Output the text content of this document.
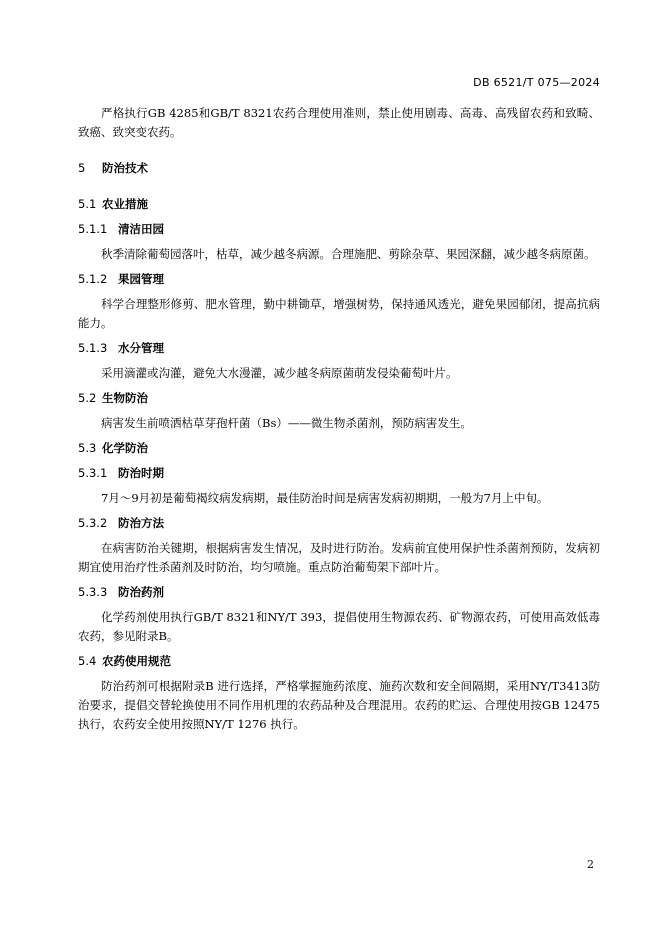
DB 6521/T 075—2024

严格执行GB 4285和GB/T 8321农药合理使用准则，禁止使用剧毒、高毒、高残留农药和致畸、致癌、致突变农药。

5	防治技术
5.1 农业措施
5.1.1 清洁田园

秋季清除葡萄园落叶，枯草，减少越冬病源。合理施肥、剪除杂草、果园深翻，减少越冬病原菌。

5.1.2 果园管理

科学合理整形修剪、肥水管理，勤中耕锄草，增强树势，保持通风透光，避免果园郁闭，提高抗病能力。

5.1.3 水分管理

采用滴灌或沟灌，避免大水漫灌，减少越冬病原菌萌发侵染葡萄叶片。

5.2 生物防治

病害发生前喷洒枯草芽孢杆菌（Bs）——微生物杀菌剂，预防病害发生。

5.3 化学防治
5.3.1 防治时期

7月～9月初是葡萄褐纹病发病期，最佳防治时间是病害发病初期期，一般为7月上中旬。

5.3.2 防治方法

在病害防治关键期，根据病害发生情况，及时进行防治。发病前宜使用保护性杀菌剂预防，发病初期宜使用治疗性杀菌剂及时防治，均匀喷施。重点防治葡萄架下部叶片。

5.3.3 防治药剂

化学药剂使用执行GB/T 8321和NY/T 393，提倡使用生物源农药、矿物源农药，可使用高效低毒农药，参见附录B。

5.4 农药使用规范

防治药剂可根据附录B 进行选择，严格掌握施药浓度、施药次数和安全间隔期，采用NY/T3413防治要求，提倡交替轮换使用不同作用机理的农药品种及合理混用。农药的贮运、合理使用按GB 12475 执行，农药安全使用按照NY/T 1276 执行。

2
